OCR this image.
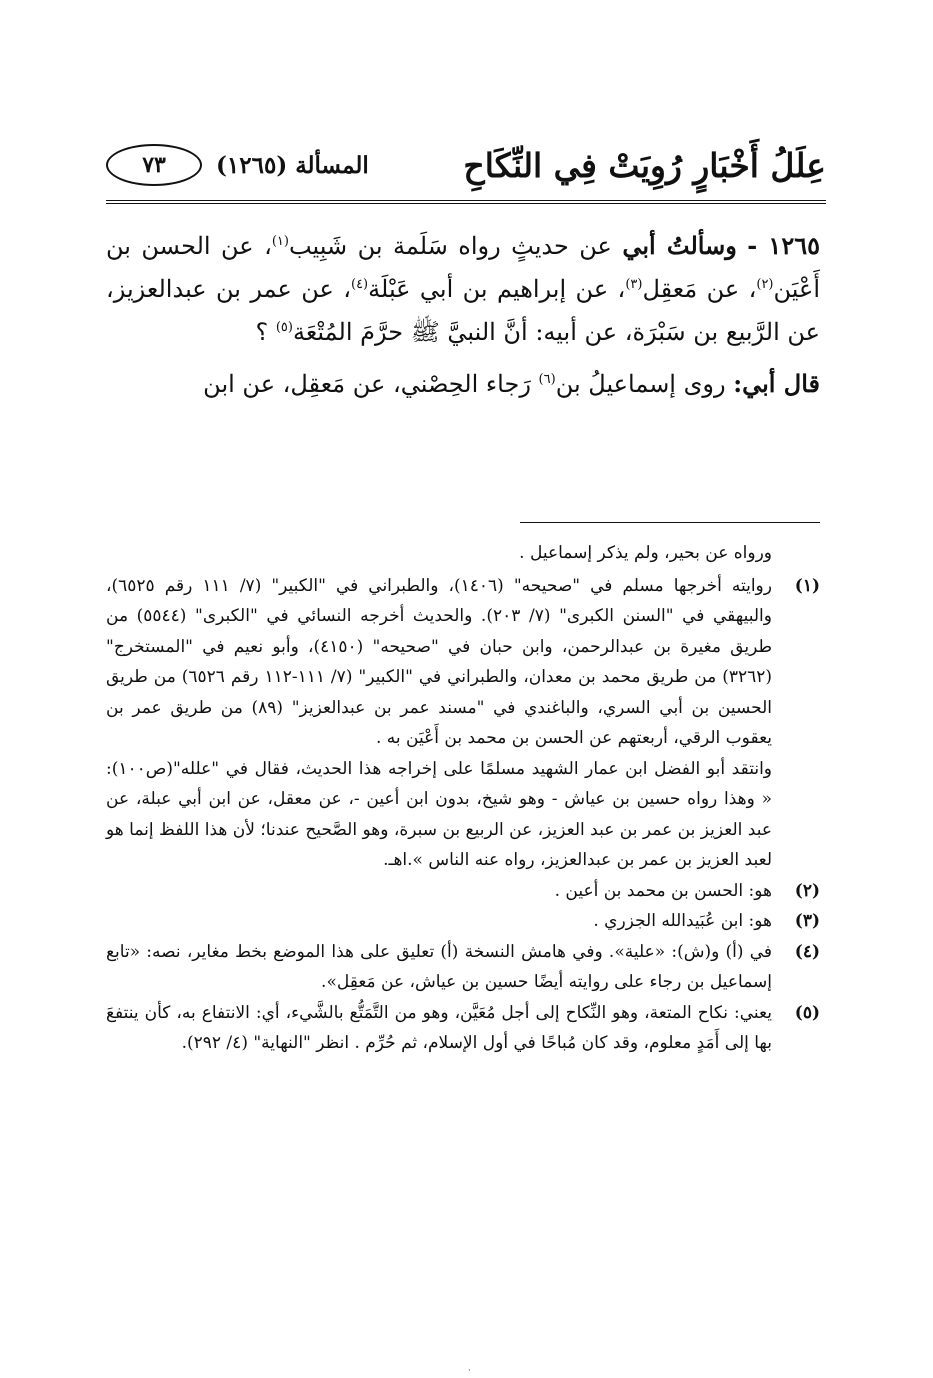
عِلَلُ أَخْبَارٍ رُوِيَتْ فِي النِّكَاحِ
المسألة (١٢٦٥)
٧٣

١٢٦٥ - وسألتُ أبي عن حديثٍ رواه سَلَمة بن شَبِيب$^{(١)}$، عن الحسن بن أَعْيَن$^{(٢)}$، عن مَعقِل$^{(٣)}$، عن إبراهيم بن أبي عَبْلَة$^{(٤)}$، عن عمر بن عبدالعزيز، عن الرَّبيع بن سَبْرَة، عن أبيه: أنَّ النبيَّ ﷺ حرَّمَ المُتْعَة$^{(٥)}$ ؟

قال أبي: روى إسماعيلُ بن$^{(٦)}$ رَجاء الحِصْني، عن مَعقِل، عن ابن

ورواه عن بحير، ولم يذكر إسماعيل .

(١)

روايته أخرجها مسلم في "صحيحه" (١٤٠٦)، والطبراني في "الكبير" (٧/ ١١١ رقم ٦٥٢٥)، والبيهقي في "السنن الكبرى" (٧/ ٢٠٣). والحديث أخرجه النسائي في "الكبرى" (٥٥٤٤) من طريق مغيرة بن عبدالرحمن، وابن حبان في "صحيحه" (٤١٥٠)، وأبو نعيم في "المستخرج" (٣٢٦٢) من طريق محمد بن معدان، والطبراني في "الكبير" (٧/ ١١١-١١٢ رقم ٦٥٢٦) من طريق الحسين بن أبي السري، والباغندي في "مسند عمر بن عبدالعزيز" (٨٩) من طريق عمر بن يعقوب الرقي، أربعتهم عن الحسن بن محمد بن أَعْيَن به .

وانتقد أبو الفضل ابن عمار الشهيد مسلمًا على إخراجه هذا الحديث، فقال في "علله"(ص١٠٠): « وهذا رواه حسين بن عياش - وهو شيخ، بدون ابن أعين -، عن معقل، عن ابن أبي عبلة، عن عبد العزيز بن عمر بن عبد العزيز، عن الربيع بن سبرة، وهو الصَّحيح عندنا؛ لأن هذا اللفظ إنما هو لعبد العزيز بن عمر بن عبدالعزيز، رواه عنه الناس ».اهـ.

(٢)

هو: الحسن بن محمد بن أعين .

(٣)

هو: ابن عُبَيدالله الجزري .

(٤)

في (أ) و(ش): «علية». وفي هامش النسخة (أ) تعليق على هذا الموضع بخط مغاير، نصه: «تابع إسماعيل بن رجاء على روايته أيضًا حسين بن عياش، عن مَعقِل».

(٥)

يعني: نكاح المتعة، وهو النِّكاح إلى أجل مُعَيَّن، وهو من التَّمَتُّع بالشَّيء، أي: الانتفاع به، كأن ينتفعَ بها إلى أَمَدٍ معلوم، وقد كان مُباحًا في أول الإسلام، ثم حُرِّم . انظر "النهاية" (٤/ ٢٩٢).

·
